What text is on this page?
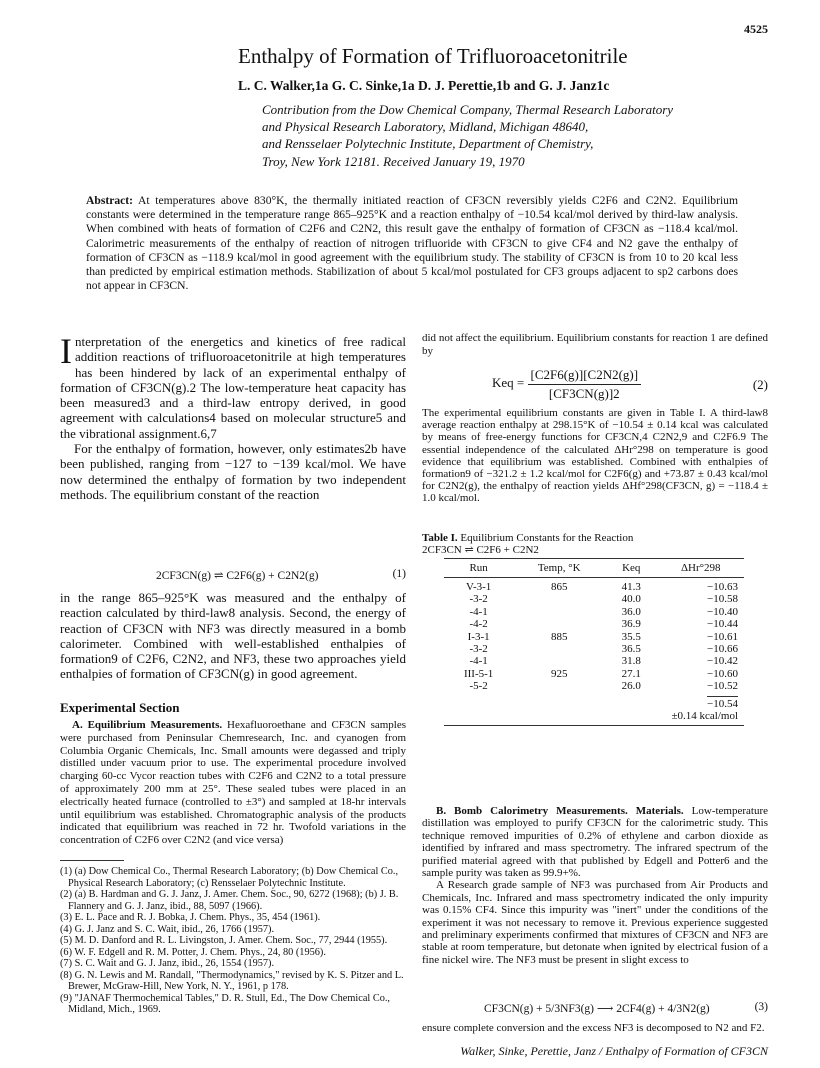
4525
Enthalpy of Formation of Trifluoroacetonitrile
L. C. Walker,1a G. C. Sinke,1a D. J. Perettie,1b and G. J. Janz1c
Contribution from the Dow Chemical Company, Thermal Research Laboratory
and Physical Research Laboratory, Midland, Michigan 48640,
and Rensselaer Polytechnic Institute, Department of Chemistry,
Troy, New York 12181. Received January 19, 1970
Abstract: At temperatures above 830°K, the thermally initiated reaction of CF3CN reversibly yields C2F6 and C2N2. Equilibrium constants were determined in the temperature range 865–925°K and a reaction enthalpy of −10.54 kcal/mol derived by third-law analysis. When combined with heats of formation of C2F6 and C2N2, this result gave the enthalpy of formation of CF3CN as −118.4 kcal/mol. Calorimetric measurements of the enthalpy of reaction of nitrogen trifluoride with CF3CN to give CF4 and N2 gave the enthalpy of formation of CF3CN as −118.9 kcal/mol in good agreement with the equilibrium study. The stability of CF3CN is from 10 to 20 kcal less than predicted by empirical estimation methods. Stabilization of about 5 kcal/mol postulated for CF3 groups adjacent to sp2 carbons does not appear in CF3CN.
I nterpretation of the energetics and kinetics of free radical addition reactions of trifluoroacetonitrile at high temperatures has been hindered by lack of an experimental enthalpy of formation of CF3CN(g).2 The low-temperature heat capacity has been measured3 and a third-law entropy derived, in good agreement with calculations4 based on molecular structure5 and the vibrational assignment.6,7

For the enthalpy of formation, however, only estimates2b have been published, ranging from −127 to −139 kcal/mol. We have now determined the enthalpy of formation by two independent methods. The equilibrium constant of the reaction

2CF3CN(g) ⇌ C2F6(g) + C2N2(g)	(1)
in the range 865–925°K was measured and the enthalpy of reaction calculated by third-law8 analysis. Second, the energy of reaction of CF3CN with NF3 was directly measured in a bomb calorimeter. Combined with well-established enthalpies of formation9 of C2F6, C2N2, and NF3, these two approaches yield enthalpies of formation of CF3CN(g) in good agreement.
Experimental Section
A. Equilibrium Measurements. Hexafluoroethane and CF3CN samples were purchased from Peninsular Chemresearch, Inc. and cyanogen from Columbia Organic Chemicals, Inc. Small amounts were degassed and triply distilled under vacuum prior to use. The experimental procedure involved charging 60-cc Vycor reaction tubes with C2F6 and C2N2 to a total pressure of approximately 200 mm at 25°. These sealed tubes were placed in an electrically heated furnace (controlled to ±3°) and sampled at 18-hr intervals until equilibrium was established. Chromatographic analysis of the products indicated that equilibrium was reached in 72 hr. Twofold variations in the concentration of C2F6 over C2N2 (and vice versa)
(1) (a) Dow Chemical Co., Thermal Research Laboratory; (b) Dow Chemical Co., Physical Research Laboratory; (c) Rensselaer Polytechnic Institute.
(2) (a) B. Hardman and G. J. Janz, J. Amer. Chem. Soc., 90, 6272 (1968); (b) J. B. Flannery and G. J. Janz, ibid., 88, 5097 (1966).
(3) E. L. Pace and R. J. Bobka, J. Chem. Phys., 35, 454 (1961).
(4) G. J. Janz and S. C. Wait, ibid., 26, 1766 (1957).
(5) M. D. Danford and R. L. Livingston, J. Amer. Chem. Soc., 77, 2944 (1955).
(6) W. F. Edgell and R. M. Potter, J. Chem. Phys., 24, 80 (1956).
(7) S. C. Wait and G. J. Janz, ibid., 26, 1554 (1957).
(8) G. N. Lewis and M. Randall, "Thermodynamics," revised by K. S. Pitzer and L. Brewer, McGraw-Hill, New York, N. Y., 1961, p 178.
(9) "JANAF Thermochemical Tables," D. R. Stull, Ed., The Dow Chemical Co., Midland, Mich., 1969.
did not affect the equilibrium. Equilibrium constants for reaction 1 are defined by
Keq = $\frac{[C2F6(g)][C2N2(g)]}{[CF3CN(g)]2}$	(2)
The experimental equilibrium constants are given in Table I. A third-law8 average reaction enthalpy at 298.15°K of −10.54 ± 0.14 kcal was calculated by means of free-energy functions for CF3CN,4 C2N2,9 and C2F6.9 The essential independence of the calculated ΔHr°298 on temperature is good evidence that equilibrium was established. Combined with enthalpies of formation9 of −321.2 ± 1.2 kcal/mol for C2F6(g) and +73.87 ± 0.43 kcal/mol for C2N2(g), the enthalpy of reaction yields ΔHf°298(CF3CN, g) = −118.4 ± 1.0 kcal/mol.
Table I. Equilibrium Constants for the Reaction
2CF3CN ⇌ C2F6 + C2N2
Run	Temp, °K	Keq	ΔHr°298

V-3-1	865	41.3	−10.63
-3-2		40.0	−10.58
-4-1		36.0	−10.40
-4-2		36.9	−10.44
I-3-1	885	35.5	−10.61
-3-2		36.5	−10.66
-4-1		31.8	−10.42
III-5-1	925	27.1	−10.60
-5-2		26.0	−10.52
			−10.54
		±0.14 kcal/mol	

B. Bomb Calorimetry Measurements. Materials. Low-temperature distillation was employed to purify CF3CN for the calorimetric study. This technique removed impurities of 0.2% of ethylene and carbon dioxide as identified by infrared and mass spectrometry. The infrared spectrum of the purified material agreed with that published by Edgell and Potter6 and the sample purity was taken as 99.9+%.

A Research grade sample of NF3 was purchased from Air Products and Chemicals, Inc. Infrared and mass spectrometry indicated the only impurity was 0.15% CF4. Since this impurity was "inert" under the conditions of the experiment it was not necessary to remove it. Previous experience suggested and preliminary experiments confirmed that mixtures of CF3CN and NF3 are stable at room temperature, but detonate when ignited by electrical fusion of a fine nickel wire. The NF3 must be present in slight excess to

CF3CN(g) + 5/3NF3(g) ⟶ 2CF4(g) + 4/3N2(g)	(3)
ensure complete conversion and the excess NF3 is decomposed to N2 and F2.
Walker, Sinke, Perettie, Janz / Enthalpy of Formation of CF3CN
